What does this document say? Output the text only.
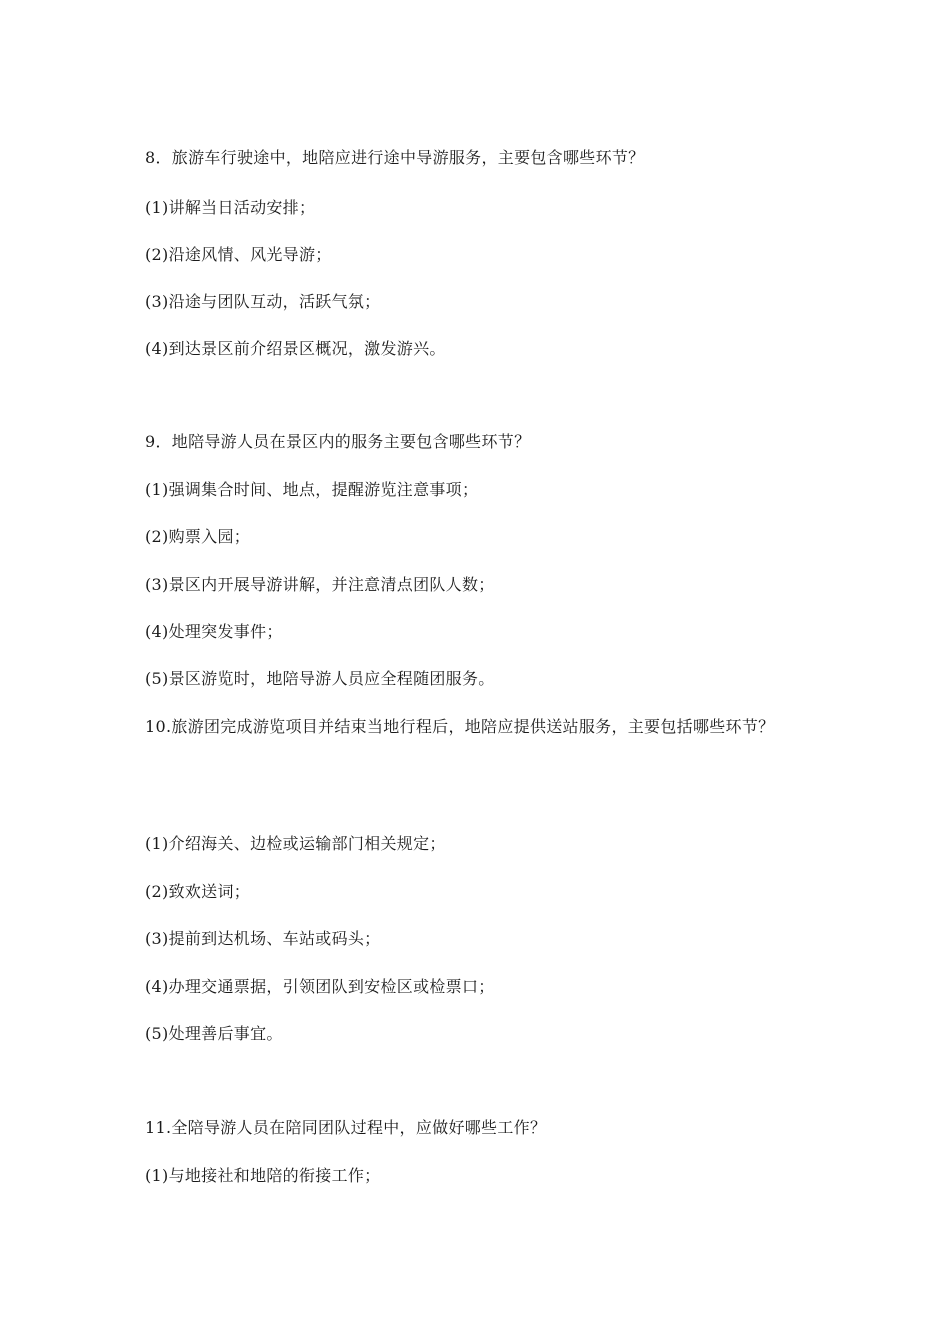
8．旅游车行驶途中，地陪应进行途中导游服务，主要包含哪些环节？
(1)讲解当日活动安排；
(2)沿途风情、风光导游；
(3)沿途与团队互动，活跃气氛；
(4)到达景区前介绍景区概况，激发游兴。
9．地陪导游人员在景区内的服务主要包含哪些环节？
(1)强调集合时间、地点，提醒游览注意事项；
(2)购票入园；
(3)景区内开展导游讲解，并注意清点团队人数；
(4)处理突发事件；
(5)景区游览时，地陪导游人员应全程随团服务。
10.旅游团完成游览项目并结束当地行程后，地陪应提供送站服务，主要包括哪些环节？
(1)介绍海关、边检或运输部门相关规定；
(2)致欢送词；
(3)提前到达机场、车站或码头；
(4)办理交通票据，引领团队到安检区或检票口；
(5)处理善后事宜。
11.全陪导游人员在陪同团队过程中，应做好哪些工作？
(1)与地接社和地陪的衔接工作；
